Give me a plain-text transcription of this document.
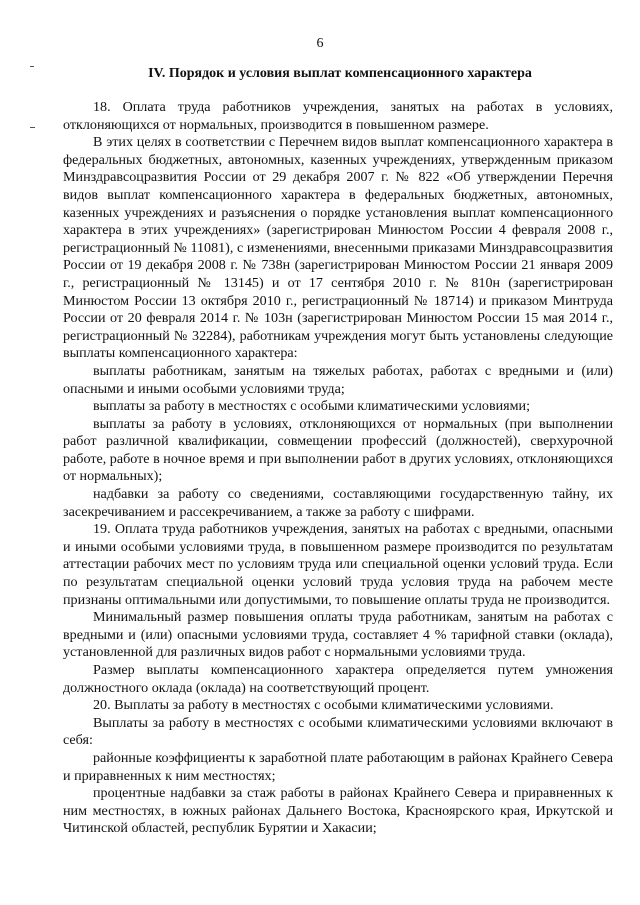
6
IV. Порядок и условия выплат компенсационного характера

18. Оплата труда работников учреждения, занятых на работах в условиях, отклоняющихся от нормальных, производится в повышенном размере.

В этих целях в соответствии с Перечнем видов выплат компенсационного характера в федеральных бюджетных, автономных, казенных учреждениях, утвержденным приказом Минздравсоцразвития России от 29 декабря 2007 г. № 822 «Об утверждении Перечня видов выплат компенсационного характера в федеральных бюджетных, автономных, казенных учреждениях и разъяснения о порядке установления выплат компенсационного характера в этих учреждениях» (зарегистрирован Минюстом России 4 февраля 2008 г., регистрационный № 11081), с изменениями, внесенными приказами Минздравсоцразвития России от 19 декабря 2008 г. № 738н (зарегистрирован Минюстом России 21 января 2009 г., регистрационный № 13145) и от 17 сентября 2010 г. № 810н (зарегистрирован Минюстом России 13 октября 2010 г., регистрационный № 18714) и приказом Минтруда России от 20 февраля 2014 г. № 103н (зарегистрирован Минюстом России 15 мая 2014 г., регистрационный № 32284), работникам учреждения могут быть установлены следующие выплаты компенсационного характера:

выплаты работникам, занятым на тяжелых работах, работах с вредными и (или) опасными и иными особыми условиями труда;

выплаты за работу в местностях с особыми климатическими условиями;

выплаты за работу в условиях, отклоняющихся от нормальных (при выполнении работ различной квалификации, совмещении профессий (должностей), сверхурочной работе, работе в ночное время и при выполнении работ в других условиях, отклоняющихся от нормальных);

надбавки за работу со сведениями, составляющими государственную тайну, их засекречиванием и рассекречиванием, а также за работу с шифрами.

19. Оплата труда работников учреждения, занятых на работах с вредными, опасными и иными особыми условиями труда, в повышенном размере производится по результатам аттестации рабочих мест по условиям труда или специальной оценки условий труда. Если по результатам специальной оценки условий труда условия труда на рабочем месте признаны оптимальными или допустимыми, то повышение оплаты труда не производится.

Минимальный размер повышения оплаты труда работникам, занятым на работах с вредными и (или) опасными условиями труда, составляет 4 % тарифной ставки (оклада), установленной для различных видов работ с нормальными условиями труда.

Размер выплаты компенсационного характера определяется путем умножения должностного оклада (оклада) на соответствующий процент.

20. Выплаты за работу в местностях с особыми климатическими условиями.

Выплаты за работу в местностях с особыми климатическими условиями включают в себя:

районные коэффициенты к заработной плате работающим в районах Крайнего Севера и приравненных к ним местностях;

процентные надбавки за стаж работы в районах Крайнего Севера и приравненных к ним местностях, в южных районах Дальнего Востока, Красноярского края, Иркутской и Читинской областей, республик Бурятии и Хакасии;
